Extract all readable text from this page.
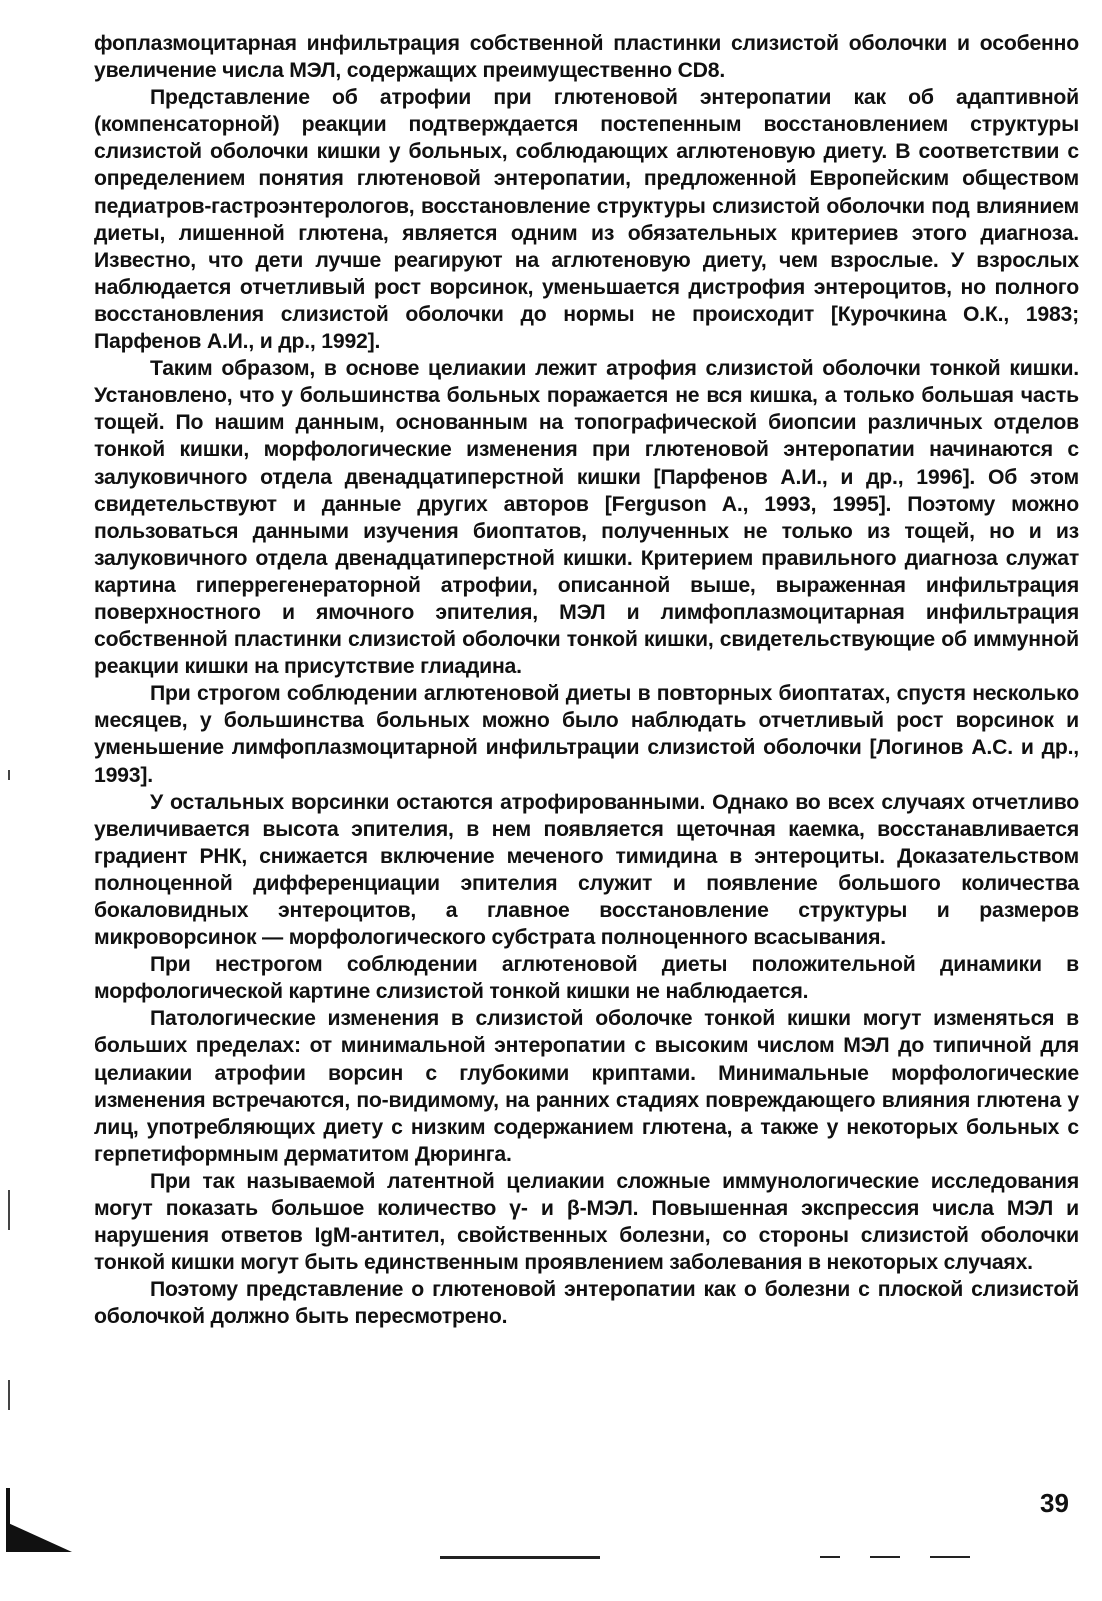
фоплазмоцитарная инфильтрация собственной пластинки слизистой оболочки и особенно увеличение числа МЭЛ, содержащих преимущественно CD8.

Представление об атрофии при глютеновой энтеропатии как об адаптивной (компенсаторной) реакции подтверждается постепенным восстановлением структуры слизистой оболочки кишки у больных, соблюдающих аглютеновую диету. В соответствии с определением понятия глютеновой энтеропатии, предложенной Европейским обществом педиатров-гастроэнтерологов, восстановление структуры слизистой оболочки под влиянием диеты, лишенной глютена, является одним из обязательных критериев этого диагноза. Известно, что дети лучше реагируют на аглютеновую диету, чем взрослые. У взрослых наблюдается отчетливый рост ворсинок, уменьшается дистрофия энтероцитов, но полного восстановления слизистой оболочки до нормы не происходит [Курочкина О.К., 1983; Парфенов А.И., и др., 1992].

Таким образом, в основе целиакии лежит атрофия слизистой оболочки тонкой кишки. Установлено, что у большинства больных поражается не вся кишка, а только большая часть тощей. По нашим данным, основанным на топографической биопсии различных отделов тонкой кишки, морфологические изменения при глютеновой энтеропатии начинаются с залуковичного отдела двенадцатиперстной кишки [Парфенов А.И., и др., 1996]. Об этом свидетельствуют и данные других авторов [Ferguson A., 1993, 1995]. Поэтому можно пользоваться данными изучения биоптатов, полученных не только из тощей, но и из залуковичного отдела двенадцатиперстной кишки. Критерием правильного диагноза служат картина гиперрегенераторной атрофии, описанной выше, выраженная инфильтрация поверхностного и ямочного эпителия, МЭЛ и лимфоплазмоцитарная инфильтрация собственной пластинки слизистой оболочки тонкой кишки, свидетельствующие об иммунной реакции кишки на присутствие глиадина.

При строгом соблюдении аглютеновой диеты в повторных биоптатах, спустя несколько месяцев, у большинства больных можно было наблюдать отчетливый рост ворсинок и уменьшение лимфоплазмоцитарной инфильтрации слизистой оболочки [Логинов А.С. и др., 1993].

У остальных ворсинки остаются атрофированными. Однако во всех случаях отчетливо увеличивается высота эпителия, в нем появляется щеточная каемка, восстанавливается градиент РНК, снижается включение меченого тимидина в энтероциты. Доказательством полноценной дифференциации эпителия служит и появление большого количества бокаловидных энтероцитов, а главное восстановление структуры и размеров микроворсинок — морфологического субстрата полноценного всасывания.

При нестрогом соблюдении аглютеновой диеты положительной динамики в морфологической картине слизистой тонкой кишки не наблюдается.

Патологические изменения в слизистой оболочке тонкой кишки могут изменяться в больших пределах: от минимальной энтеропатии с высоким числом МЭЛ до типичной для целиакии атрофии ворсин с глубокими криптами. Минимальные морфологические изменения встречаются, по-видимому, на ранних стадиях повреждающего влияния глютена у лиц, употребляющих диету с низким содержанием глютена, а также у некоторых больных с герпетиформным дерматитом Дюринга.

При так называемой латентной целиакии сложные иммунологические исследования могут показать большое количество γ- и β-МЭЛ. Повышенная экспрессия числа МЭЛ и нарушения ответов IgM-антител, свойственных болезни, со стороны слизистой оболочки тонкой кишки могут быть единственным проявлением заболевания в некоторых случаях.

Поэтому представление о глютеновой энтеропатии как о болезни с плоской слизистой оболочкой должно быть пересмотрено.

39
